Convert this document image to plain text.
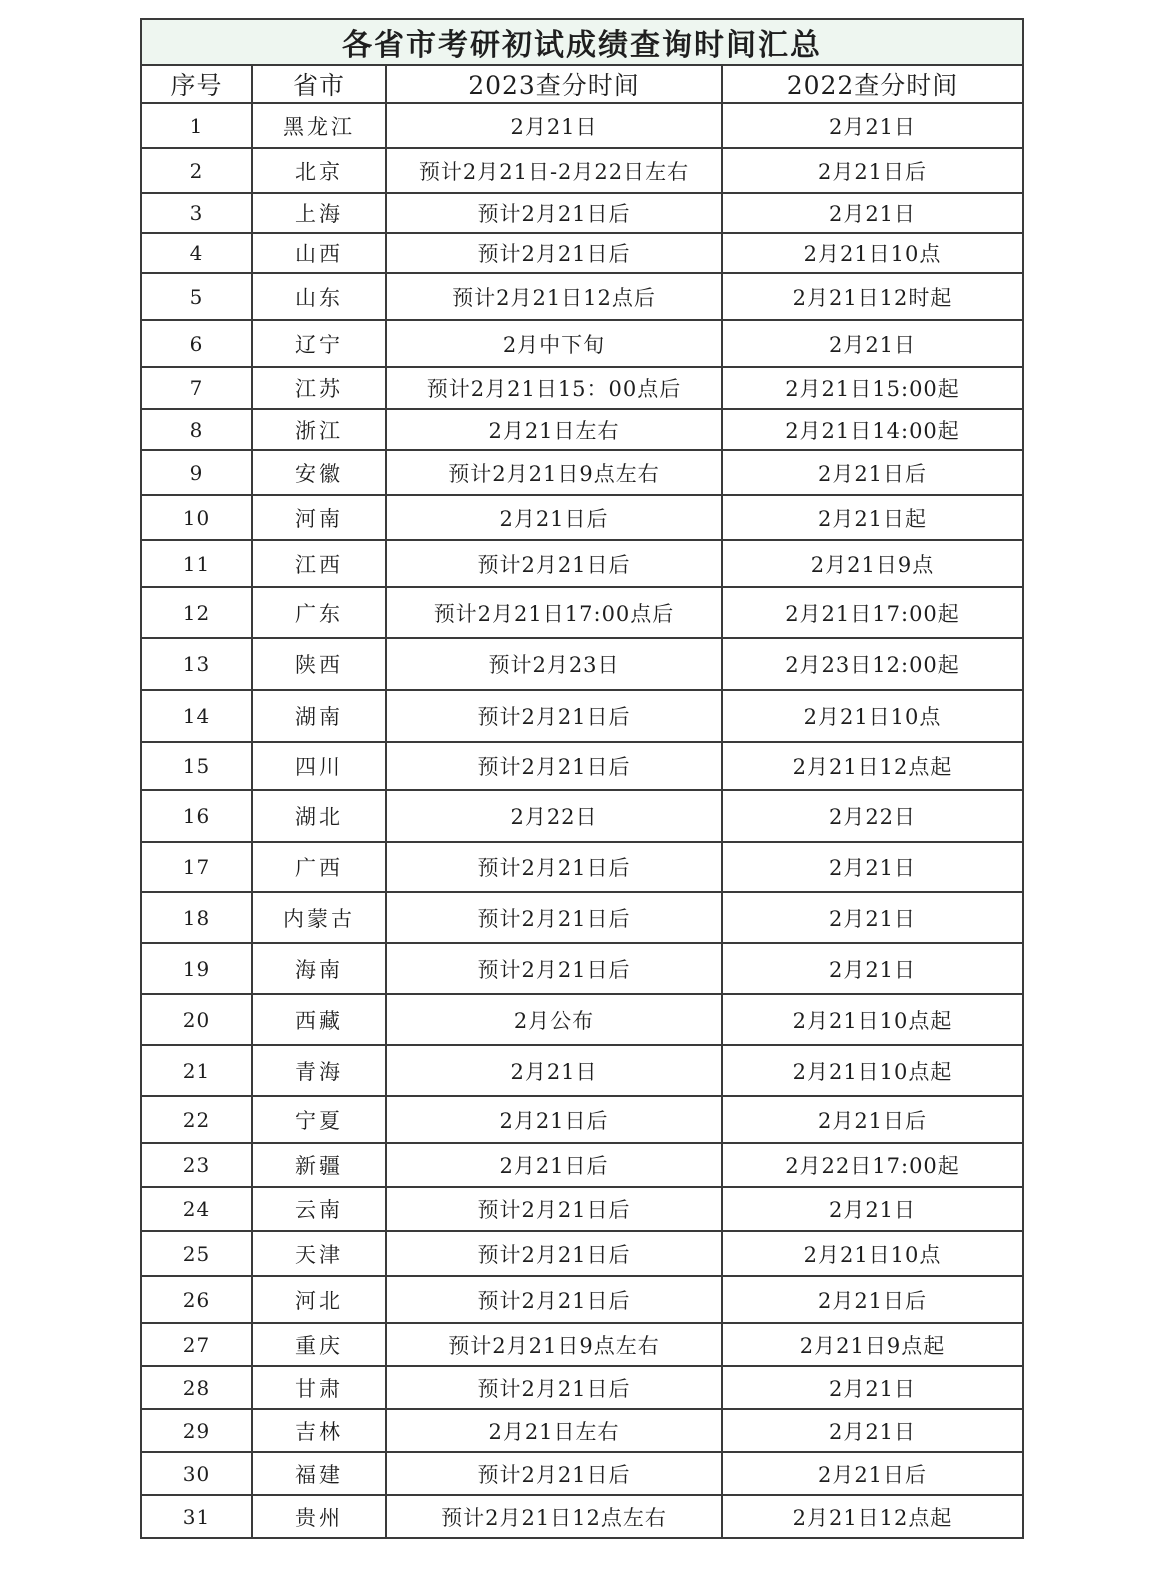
各省市考研初试成绩查询时间汇总			
序号	省市	2023查分时间	2022查分时间
1	黑龙江	2月21日	2月21日
2	北京	预计2月21日-2月22日左右	2月21日后
3	上海	预计2月21日后	2月21日
4	山西	预计2月21日后	2月21日10点
5	山东	预计2月21日12点后	2月21日12时起
6	辽宁	2月中下旬	2月21日
7	江苏	预计2月21日15：00点后	2月21日15:00起
8	浙江	2月21日左右	2月21日14:00起
9	安徽	预计2月21日9点左右	2月21日后
10	河南	2月21日后	2月21日起
11	江西	预计2月21日后	2月21日9点
12	广东	预计2月21日17:00点后	2月21日17:00起
13	陕西	预计2月23日	2月23日12:00起
14	湖南	预计2月21日后	2月21日10点
15	四川	预计2月21日后	2月21日12点起
16	湖北	2月22日	2月22日
17	广西	预计2月21日后	2月21日
18	内蒙古	预计2月21日后	2月21日
19	海南	预计2月21日后	2月21日
20	西藏	2月公布	2月21日10点起
21	青海	2月21日	2月21日10点起
22	宁夏	2月21日后	2月21日后
23	新疆	2月21日后	2月22日17:00起
24	云南	预计2月21日后	2月21日
25	天津	预计2月21日后	2月21日10点
26	河北	预计2月21日后	2月21日后
27	重庆	预计2月21日9点左右	2月21日9点起
28	甘肃	预计2月21日后	2月21日
29	吉林	2月21日左右	2月21日
30	福建	预计2月21日后	2月21日后
31	贵州	预计2月21日12点左右	2月21日12点起
